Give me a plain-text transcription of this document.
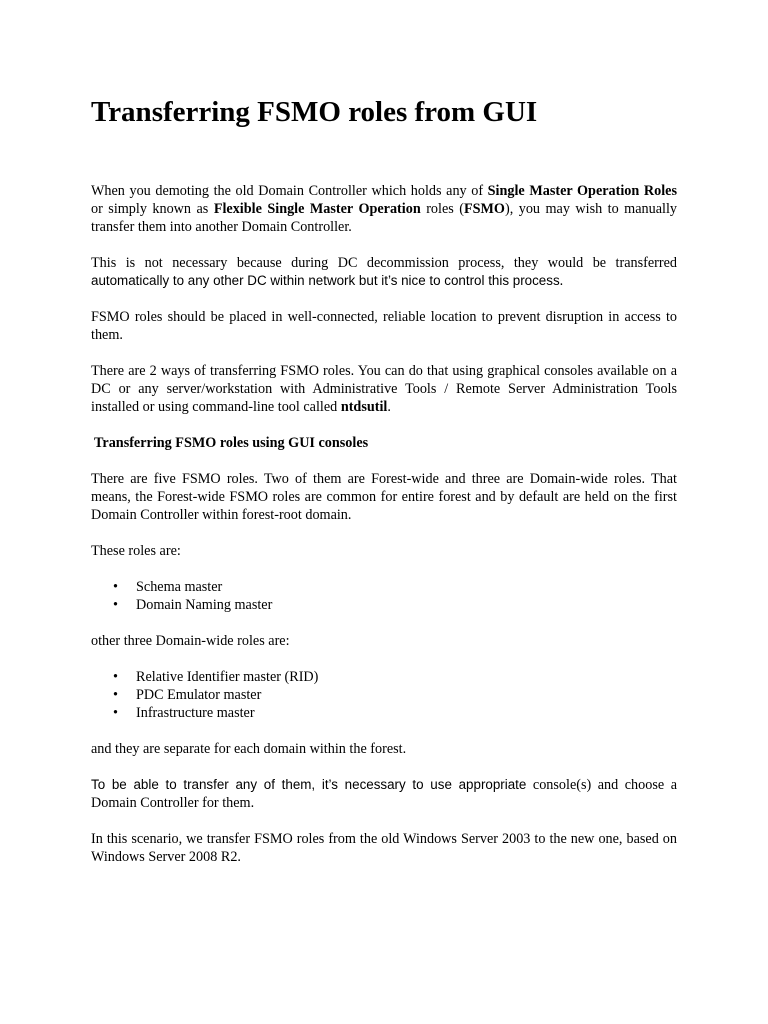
Transferring FSMO roles from GUI

When you demoting the old Domain Controller which holds any of Single Master Operation Roles or simply known as Flexible Single Master Operation roles (FSMO), you may wish to manually transfer them into another Domain Controller.

This is not necessary because during DC decommission process, they would be transferred automatically to any other DC within network but it’s nice to control this process.

FSMO roles should be placed in well-connected, reliable location to prevent disruption in access to them.

There are 2 ways of transferring FSMO roles. You can do that using graphical consoles available on a DC or any server/workstation with Administrative Tools / Remote Server Administration Tools installed or using command-line tool called ntdsutil.

Transferring FSMO roles using GUI consoles

There are five FSMO roles. Two of them are Forest-wide and three are Domain-wide roles. That means, the Forest-wide FSMO roles are common for entire forest and by default are held on the first Domain Controller within forest-root domain.

These roles are:

• Schema master
• Domain Naming master

other three Domain-wide roles are:

• Relative Identifier master (RID)
• PDC Emulator master
• Infrastructure master

and they are separate for each domain within the forest.

To be able to transfer any of them, it’s necessary to use appropriate console(s) and choose a Domain Controller for them.

In this scenario, we transfer FSMO roles from the old Windows Server 2003 to the new one, based on Windows Server 2008 R2.
